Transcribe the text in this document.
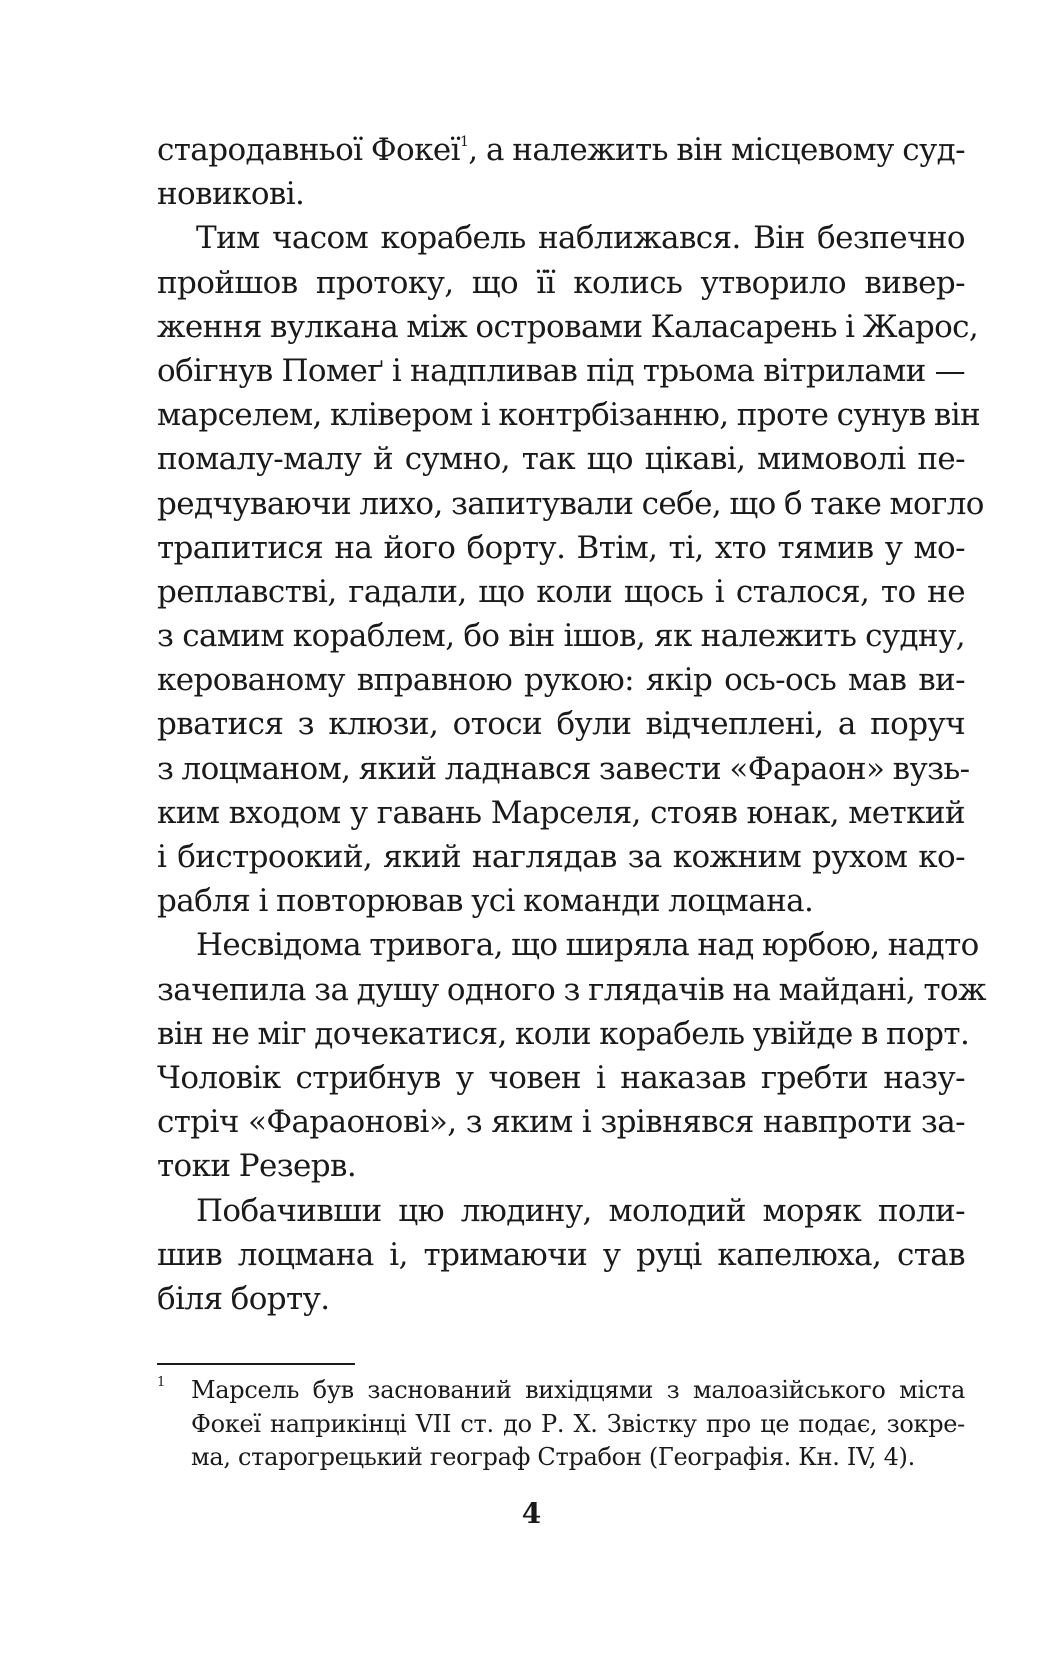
стародавньої Фокеї$^1$, а належить він місцевому суд-
новикові.
Тим часом корабель наближався. Він безпечно
пройшов протоку, що її колись утворило вивер-
ження вулкана між островами Каласарень і Жарос,
обігнув Помеґ і надпливав під трьома вітрилами —
марселем, клівером і контрбізанню, проте сунув він
помалу-малу й сумно, так що цікаві, мимоволі пе-
редчуваючи лихо, запитували себе, що б таке могло
трапитися на його борту. Втім, ті, хто тямив у мо-
реплавстві, гадали, що коли щось і сталося, то не
з самим кораблем, бо він ішов, як належить судну,
керованому вправною рукою: якір ось-ось мав ви-
рватися з клюзи, отоси були відчеплені, а поруч
з лоцманом, який ладнався завести «Фараон» вузь-
ким входом у гавань Марселя, стояв юнак, меткий
і бистроокий, який наглядав за кожним рухом ко-
рабля і повторював усі команди лоцмана.
Несвідома тривога, що ширяла над юрбою, надто
зачепила за душу одного з глядачів на майдані, тож
він не міг дочекатися, коли корабель увійде в порт.
Чоловік стрибнув у човен і наказав гребти назу-
стріч «Фараонові», з яким і зрівнявся навпроти за-
токи Резерв.
Побачивши цю людину, молодий моряк поли-
шив лоцмана і, тримаючи у руці капелюха, став
біля борту.
1 Марсель був заснований вихідцями з малоазійського міста
Фокеї наприкінці VII ст. до Р. Х. Звістку про це подає, зокре-
ма, старогрецький географ Страбон (Географія. Кн. IV, 4).
4
